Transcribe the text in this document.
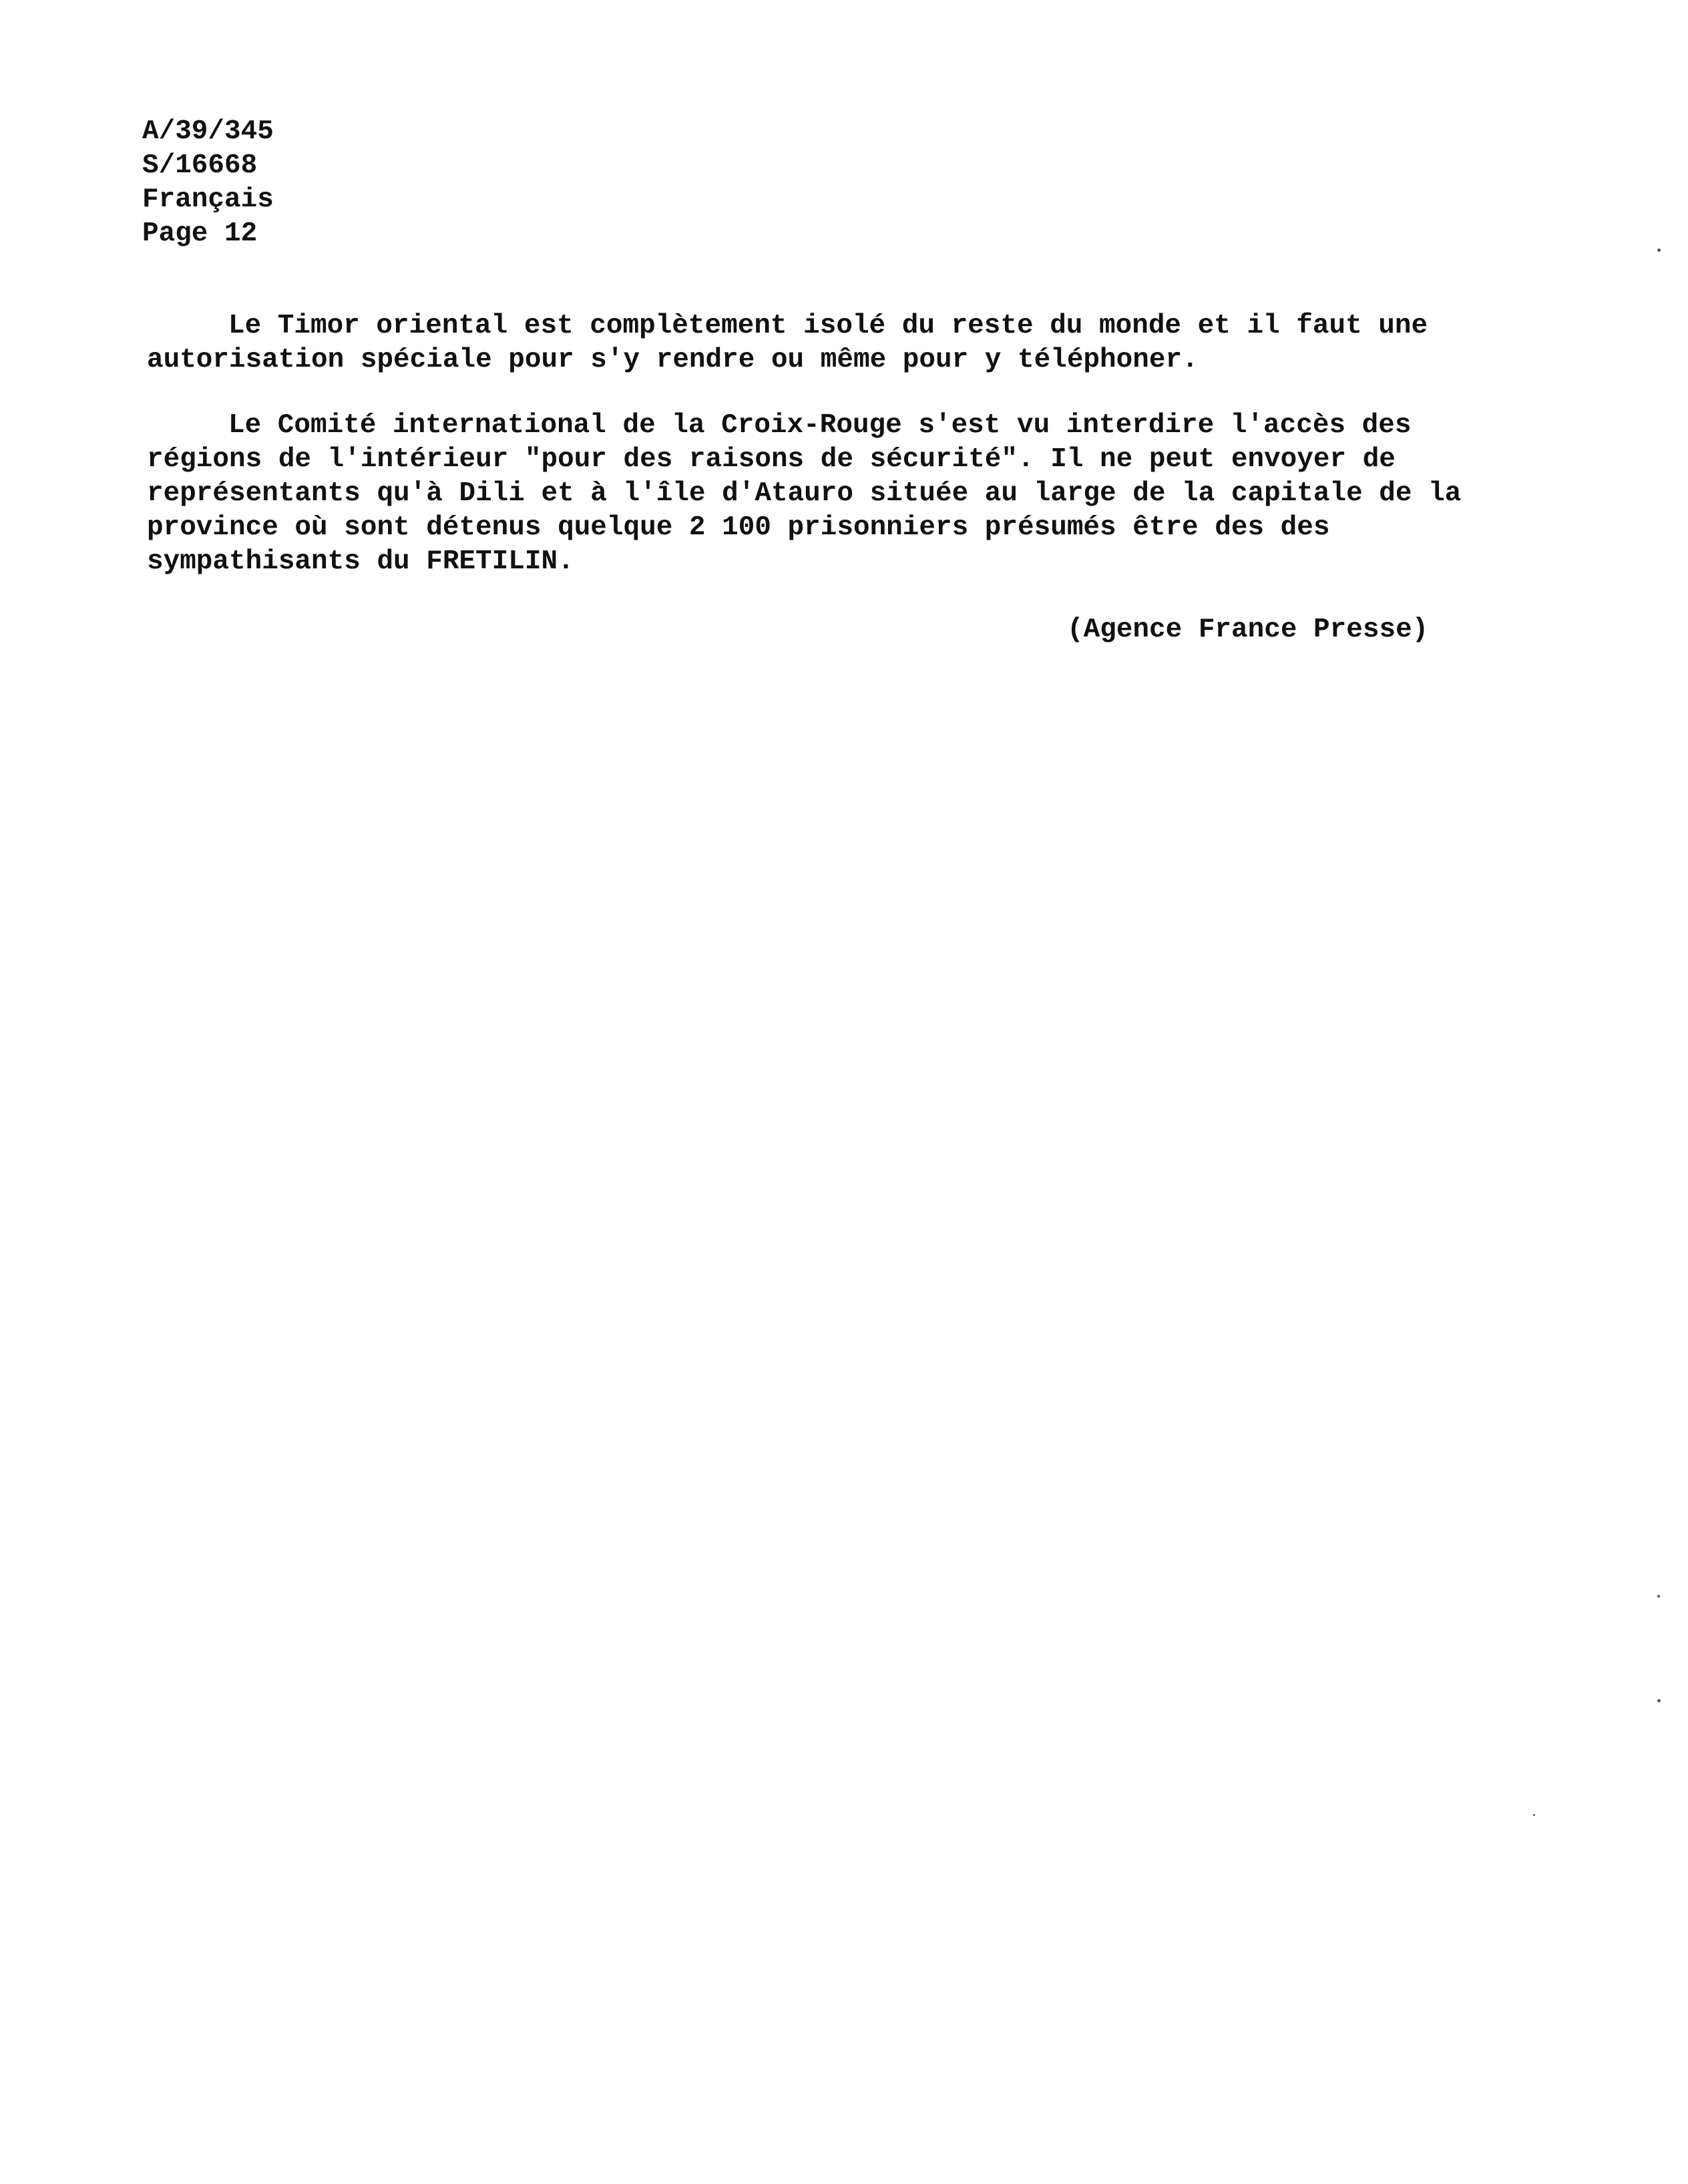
A/39/345
S/16668
Français
Page 12
Le Timor oriental est complètement isolé du reste du monde et il faut une
autorisation spéciale pour s'y rendre ou même pour y téléphoner.
Le Comité international de la Croix-Rouge s'est vu interdire l'accès des
régions de l'intérieur "pour des raisons de sécurité". Il ne peut envoyer de
représentants qu'à Dili et à l'île d'Atauro située au large de la capitale de la
province où sont détenus quelque 2 100 prisonniers présumés être des des
sympathisants du FRETILIN.
(Agence France Presse)
